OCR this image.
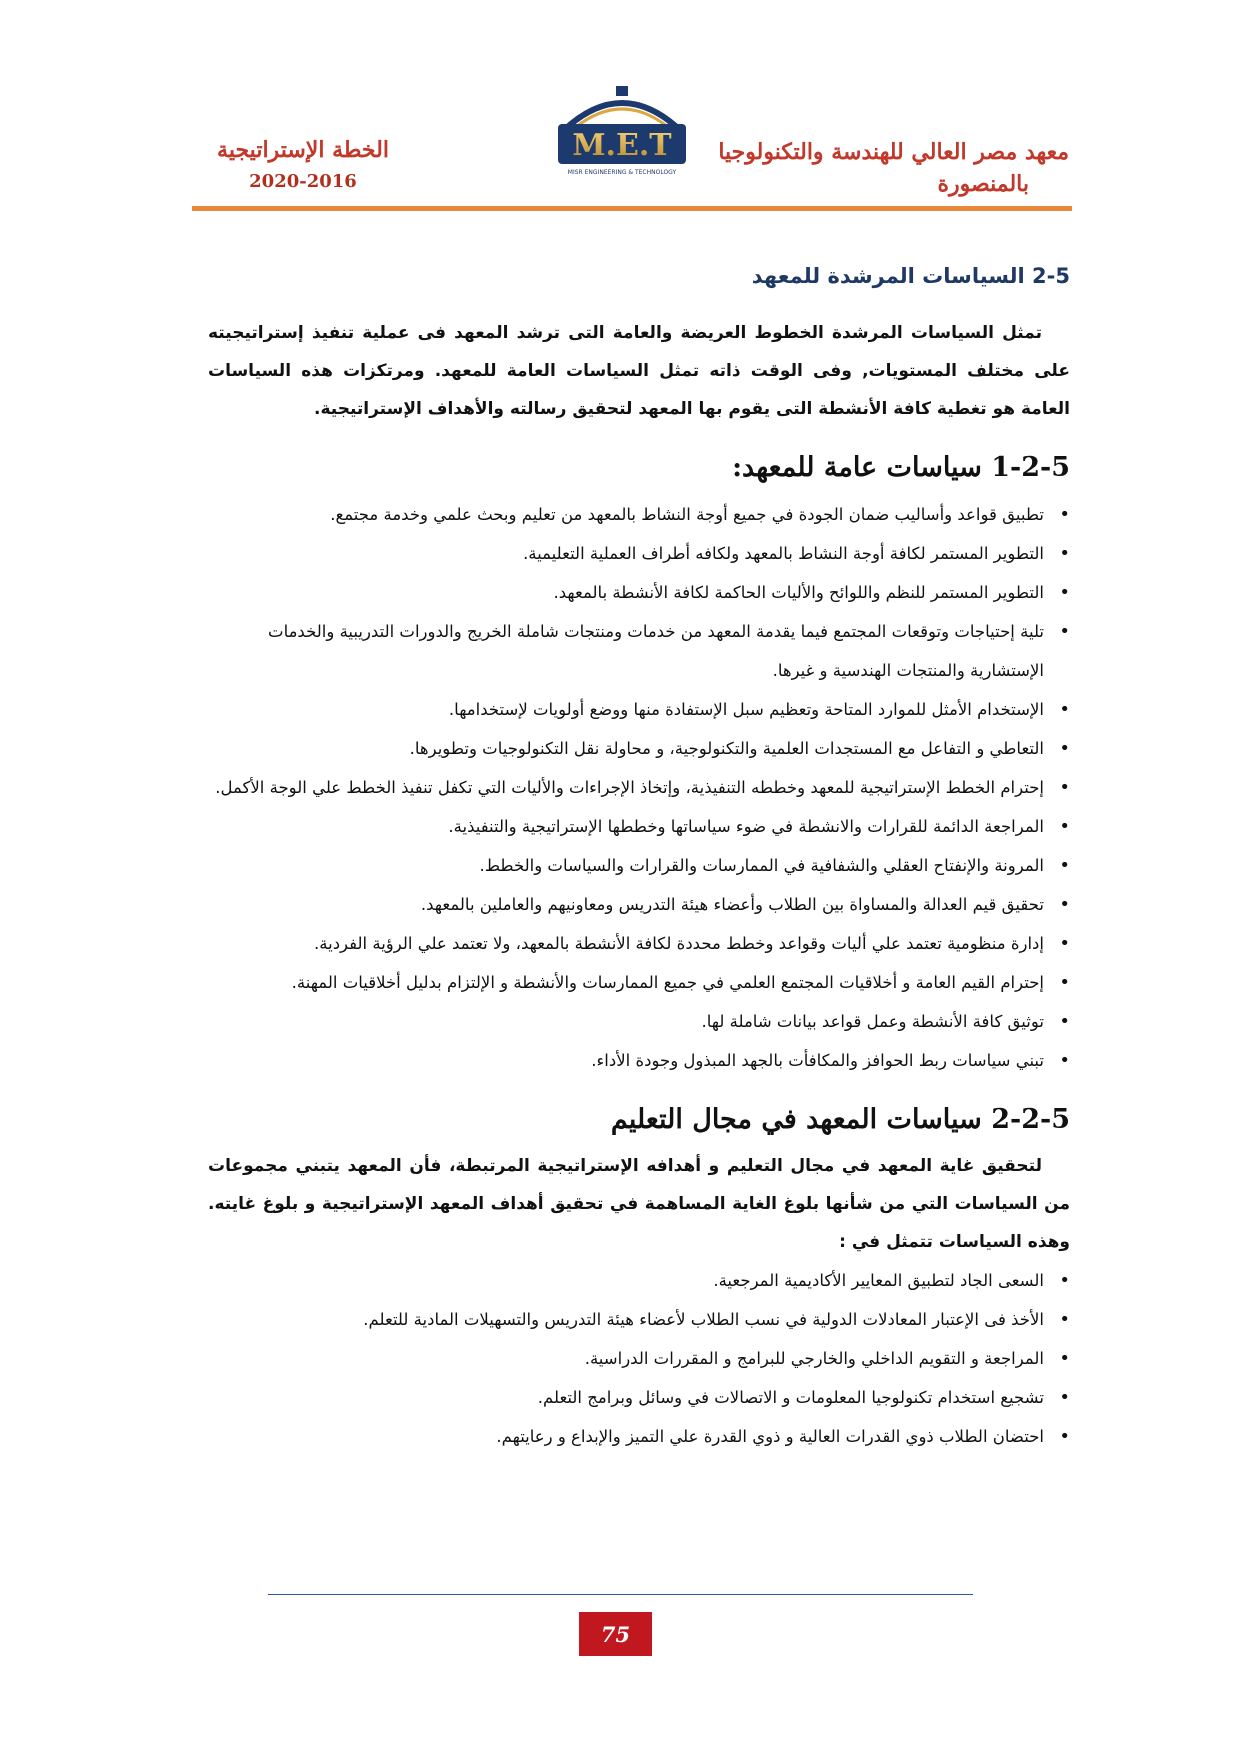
معهد مصر العالي للهندسة والتكنولوجيا
بالمنصورة
M.E.T
MISR ENGINEERING & TECHNOLOGY
الخطة الإستراتيجية
2020-2016
2-5 السياسات المرشدة للمعهد

تمثل السياسات المرشدة الخطوط العريضة والعامة التى ترشد المعهد فى عملية تنفيذ إستراتيجيته على مختلف المستويات, وفى الوقت ذاته تمثل السياسات العامة للمعهد. ومرتكزات هذه السياسات العامة هو تغطية كافة الأنشطة التى يقوم بها المعهد لتحقيق رسالته والأهداف الإستراتيجية.

1-2-5 سياسات عامة للمعهد:
• تطبيق قواعد وأساليب ضمان الجودة في جميع أوجة النشاط بالمعهد من تعليم وبحث علمي وخدمة مجتمع.
• التطوير المستمر لكافة أوجة النشاط بالمعهد ولكافه أطراف العملية التعليمية.
• التطوير المستمر للنظم واللوائح والأليات الحاكمة لكافة الأنشطة بالمعهد.
• تلية إحتياجات وتوقعات المجتمع فيما يقدمة المعهد من خدمات ومنتجات شاملة الخريج والدورات التدريبية والخدمات الإستشارية والمنتجات الهندسية و غيرها.
• الإستخدام الأمثل للموارد المتاحة وتعظيم سبل الإستفادة منها ووضع أولويات لإستخدامها.
• التعاطي و التفاعل مع المستجدات العلمية والتكنولوجية، و محاولة نقل التكنولوجيات وتطويرها.
• إحترام الخطط الإستراتيجية للمعهد وخططه التنفيذية، وإتخاذ الإجراءات والأليات التي تكفل تنفيذ الخطط علي الوجة الأكمل.
• المراجعة الدائمة للقرارات والانشطة في ضوء سياساتها وخططها الإستراتيجية والتنفيذية.
• المرونة والإنفتاح العقلي والشفافية في الممارسات والقرارات والسياسات والخطط.
• تحقيق قيم العدالة والمساواة بين الطلاب وأعضاء هيئة التدريس ومعاونيهم والعاملين بالمعهد.
• إدارة منظومية تعتمد علي أليات وقواعد وخطط محددة لكافة الأنشطة بالمعهد، ولا تعتمد علي الرؤية الفردية.
• إحترام القيم العامة و أخلاقيات المجتمع العلمي في جميع الممارسات والأنشطة و الإلتزام بدليل أخلاقيات المهنة.
• توثيق كافة الأنشطة وعمل قواعد بيانات شاملة لها.
• تبني سياسات ربط الحوافز والمكافأت بالجهد المبذول وجودة الأداء.
2-2-5 سياسات المعهد في مجال التعليم

لتحقيق غاية المعهد في مجال التعليم و أهدافه الإستراتيجية المرتبطة، فأن المعهد يتبني مجموعات من السياسات التي من شأنها بلوغ الغاية المساهمة في تحقيق أهداف المعهد الإستراتيجية و بلوغ غايته. وهذه السياسات تتمثل في :

• السعى الجاد لتطبيق المعايير الأكاديمية المرجعية.
• الأخذ فى الإعتبار المعادلات الدولية في نسب الطلاب لأعضاء هيئة التدريس والتسهيلات المادية للتعلم.
• المراجعة و التقويم الداخلي والخارجي للبرامج و المقررات الدراسية.
• تشجيع استخدام تكنولوجيا المعلومات و الاتصالات في وسائل وبرامج التعلم.
• احتضان الطلاب ذوي القدرات العالية و ذوي القدرة علي التميز والإبداع و رعايتهم.
75
